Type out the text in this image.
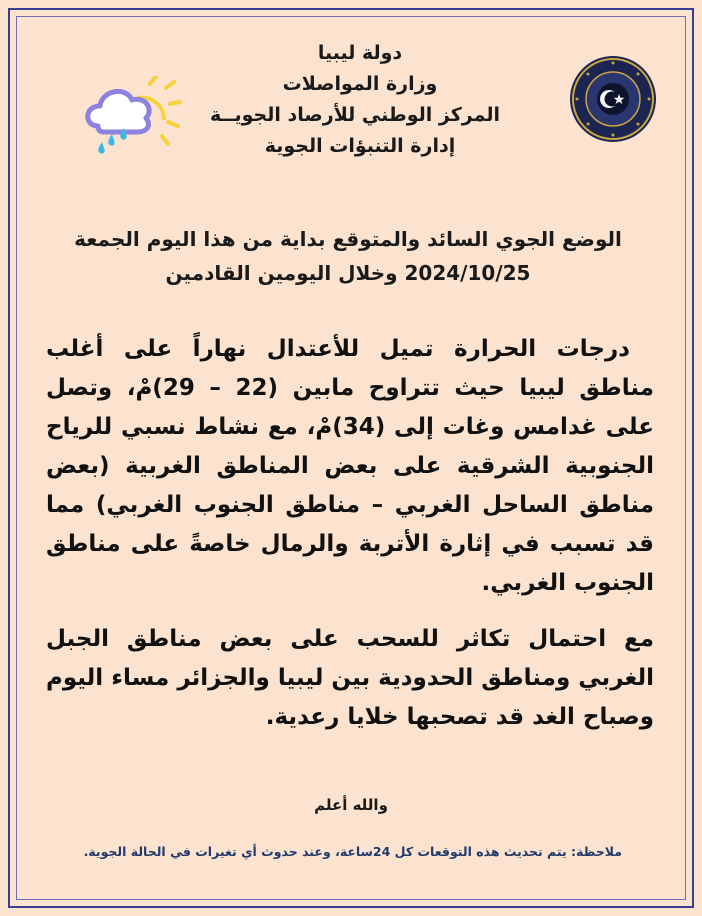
دولة ليبيا
وزارة المواصلات
المركز الوطني للأرصاد الجويــة
إدارة التنبؤات الجوية
الوضع الجوي السائد والمتوقع بداية من هذا اليوم الجمعة
2024/10/25 وخلال اليومين القادمين
درجات الحرارة تميل للأعتدال نهاراً على أغلب مناطق ليبيا حيث تتراوح مابين (22 – 29)مْ، وتصل على غدامس وغات إلى (34)مْ، مع نشاط نسبي للرياح الجنوبية الشرقية على بعض المناطق الغربية (بعض مناطق الساحل الغربي – مناطق الجنوب الغربي) مما قد تسبب في إثارة الأتربة والرمال خاصةً على مناطق الجنوب الغربي.
مع احتمال تكاثر للسحب على بعض مناطق الجبل الغربي ومناطق الحدودية بين ليبيا والجزائر مساء اليوم وصباح الغد قد تصحبها خلايا رعدية.
والله أعلم
ملاحظة: يتم تحديث هذه التوقعات كل 24ساعة، وعند حدوث أي تغيرات في الحالة الجوية.
